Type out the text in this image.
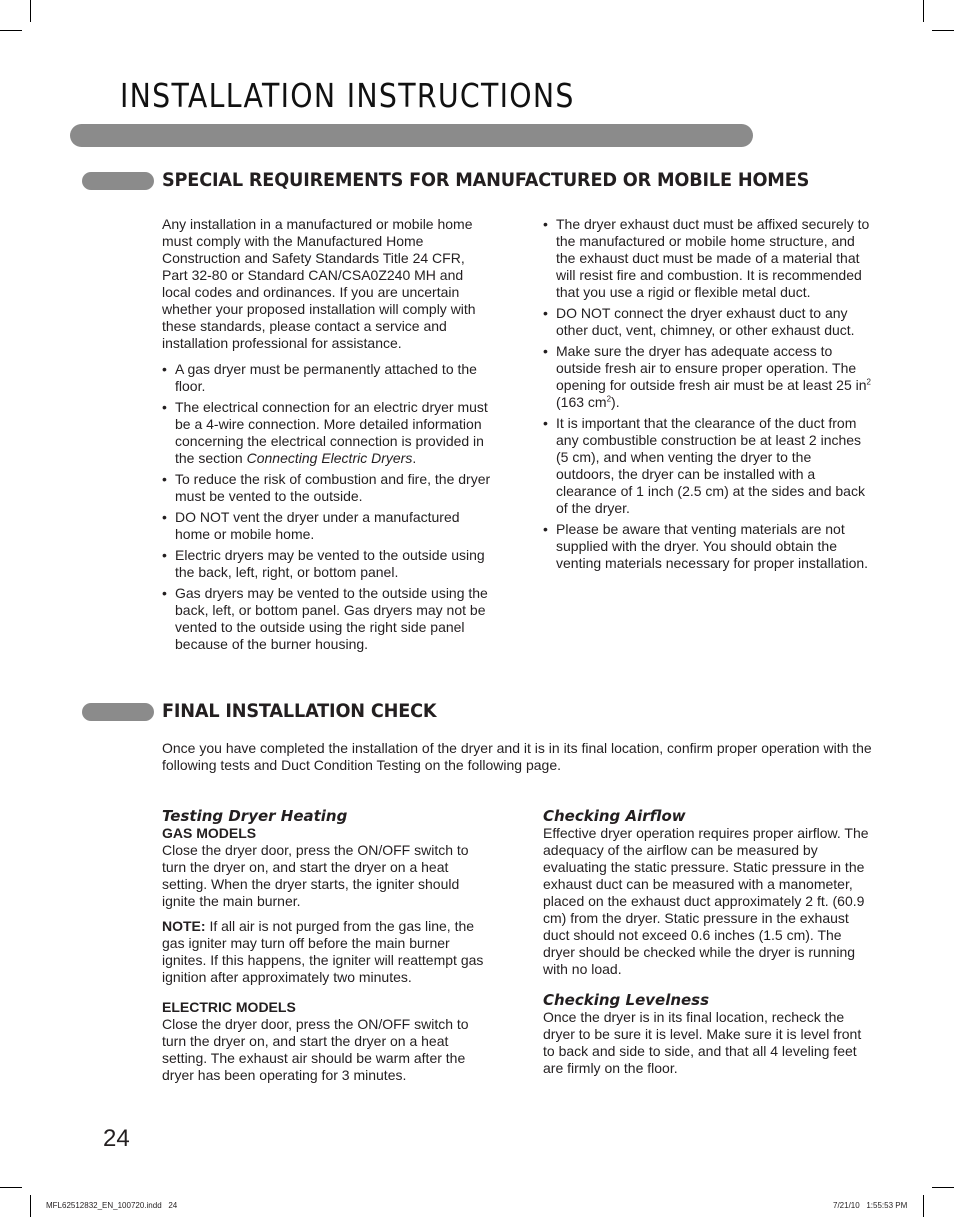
INSTALLATION INSTRUCTIONS
SPECIAL REQUIREMENTS FOR MANUFACTURED OR MOBILE HOMES

Any installation in a manufactured or mobile home must comply with the Manufactured Home Construction and Safety Standards Title 24 CFR, Part 32-80 or Standard CAN/CSA0Z240 MH and local codes and ordinances. If you are uncertain whether your proposed installation will comply with these standards, please contact a service and installation professional for assistance.

• A gas dryer must be permanently attached to the floor.
• The electrical connection for an electric dryer must be a 4-wire connection. More detailed information concerning the electrical connection is provided in the section Connecting Electric Dryers.
• To reduce the risk of combustion and fire, the dryer must be vented to the outside.
• DO NOT vent the dryer under a manufactured home or mobile home.
• Electric dryers may be vented to the outside using the back, left, right, or bottom panel.
• Gas dryers may be vented to the outside using the back, left, or bottom panel. Gas dryers may not be vented to the outside using the right side panel because of the burner housing.
• The dryer exhaust duct must be affixed securely to the manufactured or mobile home structure, and the exhaust duct must be made of a material that will resist fire and combustion. It is recommended that you use a rigid or flexible metal duct.
• DO NOT connect the dryer exhaust duct to any other duct, vent, chimney, or other exhaust duct.
• Make sure the dryer has adequate access to outside fresh air to ensure proper operation. The opening for outside fresh air must be at least 25 $in^2$ (163 $cm^2$).
• It is important that the clearance of the duct from any combustible construction be at least 2 inches (5 cm), and when venting the dryer to the outdoors, the dryer can be installed with a clearance of 1 inch (2.5 cm) at the sides and back of the dryer.
• Please be aware that venting materials are not supplied with the dryer. You should obtain the venting materials necessary for proper installation.
FINAL INSTALLATION CHECK
Once you have completed the installation of the dryer and it is in its final location, confirm proper operation with the following tests and Duct Condition Testing on the following page.

Testing Dryer Heating

GAS MODELS

Close the dryer door, press the ON/OFF switch to turn the dryer on, and start the dryer on a heat setting. When the dryer starts, the igniter should ignite the main burner.

NOTE: If all air is not purged from the gas line, the gas igniter may turn off before the main burner ignites. If this happens, the igniter will reattempt gas ignition after approximately two minutes.

ELECTRIC MODELS

Close the dryer door, press the ON/OFF switch to turn the dryer on, and start the dryer on a heat setting. The exhaust air should be warm after the dryer has been operating for 3 minutes.

Checking Airflow

Effective dryer operation requires proper airflow. The adequacy of the airflow can be measured by evaluating the static pressure. Static pressure in the exhaust duct can be measured with a manometer, placed on the exhaust duct approximately 2 ft. (60.9 cm) from the dryer. Static pressure in the exhaust duct should not exceed 0.6 inches (1.5 cm). The dryer should be checked while the dryer is running with no load.

Checking Levelness

Once the dryer is in its final location, recheck the dryer to be sure it is level. Make sure it is level front to back and side to side, and that all 4 leveling feet are firmly on the floor.

24
MFL62512832_EN_100720.indd   24	7/21/10   1:55:53 PM
